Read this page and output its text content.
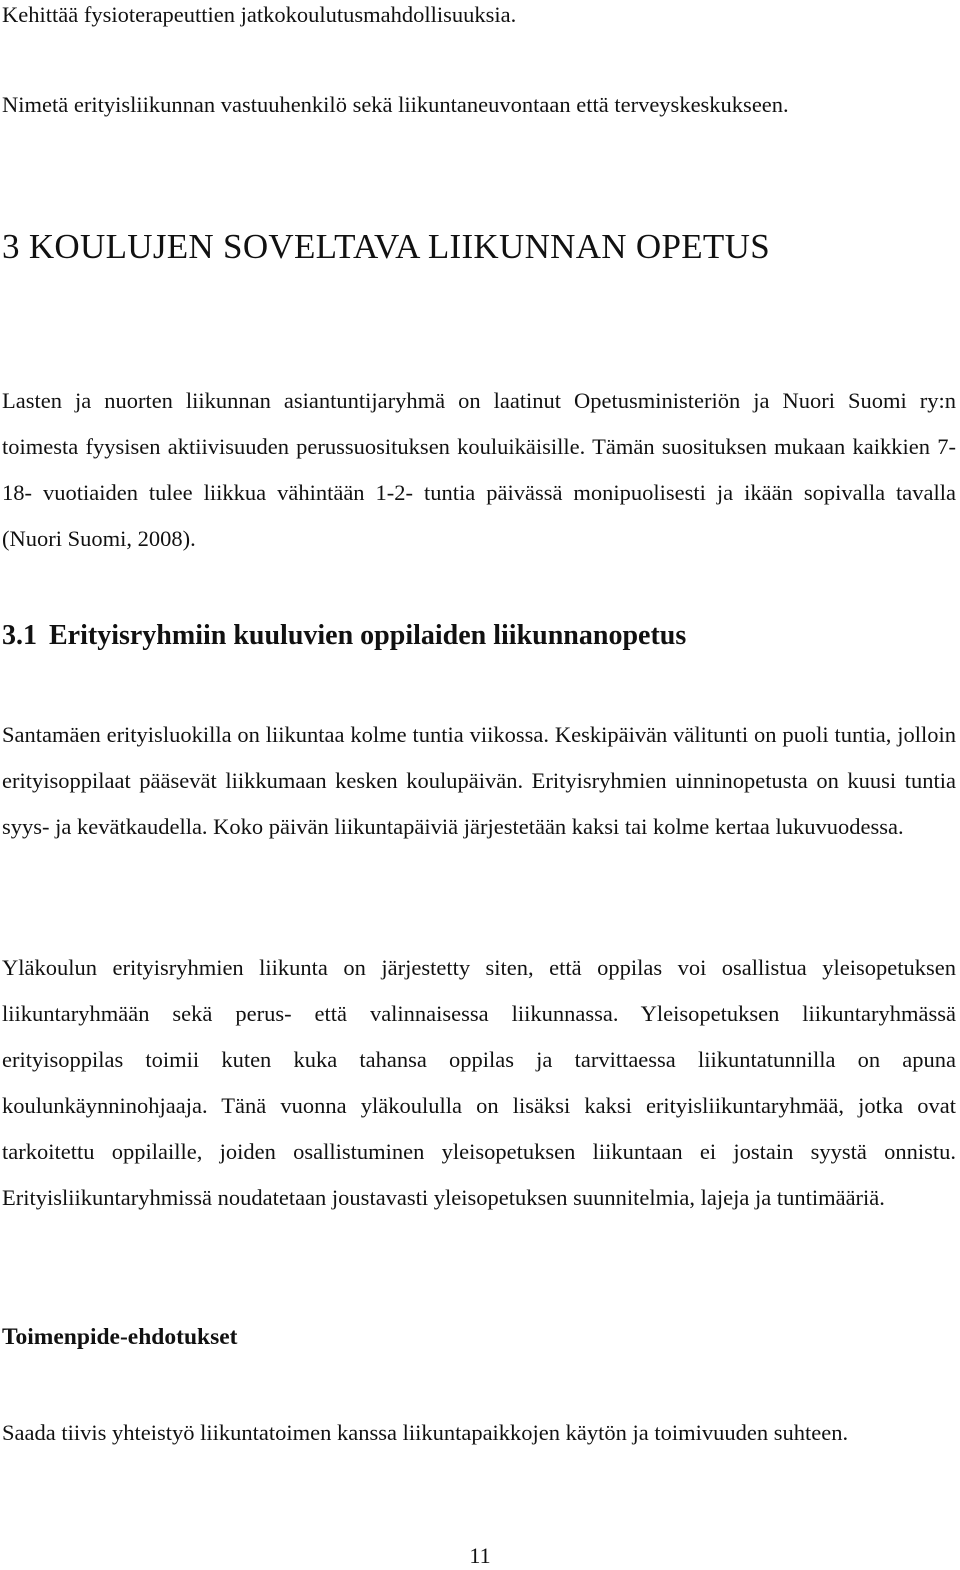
Kehittää fysioterapeuttien jatkokoulutusmahdollisuuksia.
Nimetä erityisliikunnan vastuuhenkilö sekä liikuntaneuvontaan että terveyskeskukseen.
3 KOULUJEN SOVELTAVA LIIKUNNAN OPETUS

Lasten ja nuorten liikunnan asiantuntijaryhmä on laatinut Opetusministeriön ja Nuori Suomi ry:n toimesta fyysisen aktiivisuuden perussuosituksen kouluikäisille. Tämän suosituksen mukaan kaikkien 7-18- vuotiaiden tulee liikkua vähintään 1-2- tuntia päivässä monipuolisesti ja ikään sopivalla tavalla (Nuori Suomi, 2008).

3.1 Erityisryhmiin kuuluvien oppilaiden liikunnanopetus

Santamäen erityisluokilla on liikuntaa kolme tuntia viikossa. Keskipäivän välitunti on puoli tuntia, jolloin erityisoppilaat pääsevät liikkumaan kesken koulupäivän. Erityisryhmien uinninopetusta on kuusi tuntia syys- ja kevätkaudella. Koko päivän liikuntapäiviä järjestetään kaksi tai kolme kertaa lukuvuodessa.

Yläkoulun erityisryhmien liikunta on järjestetty siten, että oppilas voi osallistua yleisopetuksen liikuntaryhmään sekä perus- että valinnaisessa liikunnassa. Yleisopetuksen liikuntaryhmässä erityisoppilas toimii kuten kuka tahansa oppilas ja tarvittaessa liikuntatunnilla on apuna koulunkäynninohjaaja. Tänä vuonna yläkoululla on lisäksi kaksi erityisliikuntaryhmää, jotka ovat tarkoitettu oppilaille, joiden osallistuminen yleisopetuksen liikuntaan ei jostain syystä onnistu. Erityisliikuntaryhmissä noudatetaan joustavasti yleisopetuksen suunnitelmia, lajeja ja tuntimääriä.

Toimenpide-ehdotukset

Saada tiivis yhteistyö liikuntatoimen kanssa liikuntapaikkojen käytön ja toimivuuden suhteen.

11
